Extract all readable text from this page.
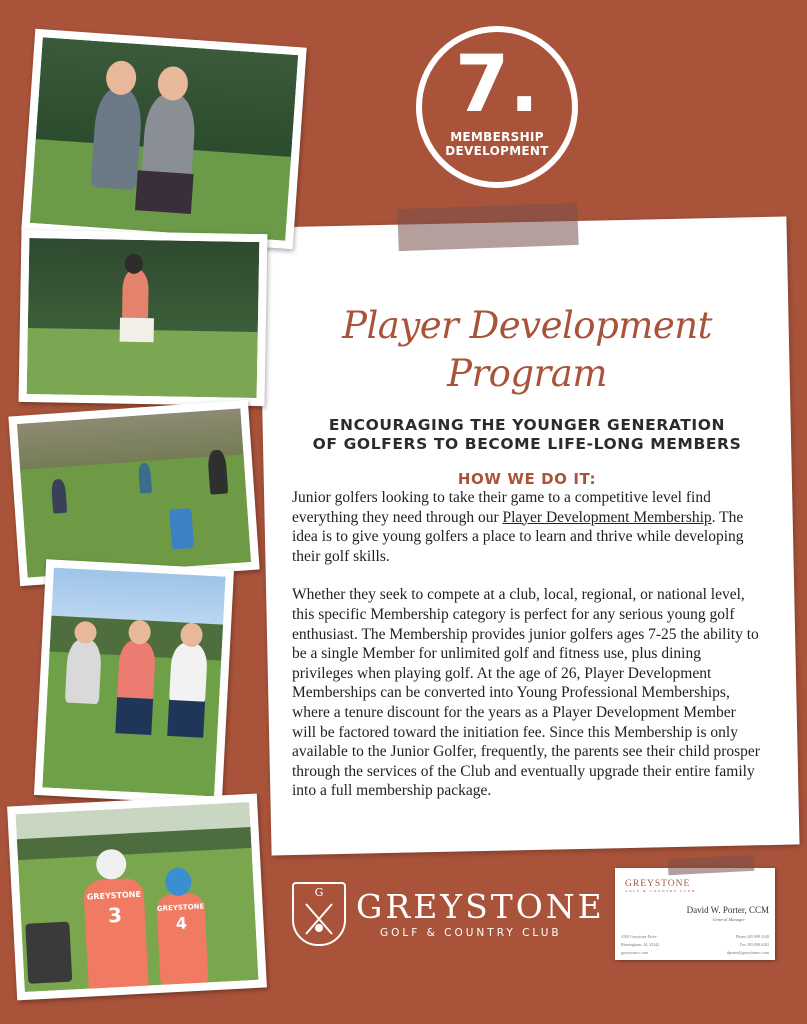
7.
MEMBERSHIP
DEVELOPMENT
Player Development Program
ENCOURAGING THE YOUNGER GENERATION
OF GOLFERS TO BECOME LIFE-LONG MEMBERS
HOW WE DO IT:

Junior golfers looking to take their game to a competitive level find everything they need through our Player Development Membership. The idea is to give young golfers a place to learn and thrive while developing their golf skills.

Whether they seek to compete at a club, local, regional, or national level, this specific Membership category is perfect for any serious young golf enthusiast. The Membership provides junior golfers ages 7-25 the ability to be a single Member for unlimited golf and fitness use, plus dining privileges when playing golf. At the age of 26, Player Development Memberships can be converted into Young Professional Memberships, where a tenure discount for the years as a Player Development Member will be factored toward the initiation fee. Since this Membership is only available to the Junior Golfer, frequently, the parents see their child prosper through the services of the Club and eventually upgrade their entire family into a full membership package.

GREYSTONE
3	GREYSTONE
4
G GREYSTONE
GOLF & COUNTRY CLUB
GREYSTONE
GOLF & COUNTRY CLUB
David W. Porter, CCM
General Manager
4100 Greystone Drive
Birmingham, AL 35242
greystonecc.com
Phone 205.998.3140
Fax 205.998.6202
dporter@greystonecc.com
